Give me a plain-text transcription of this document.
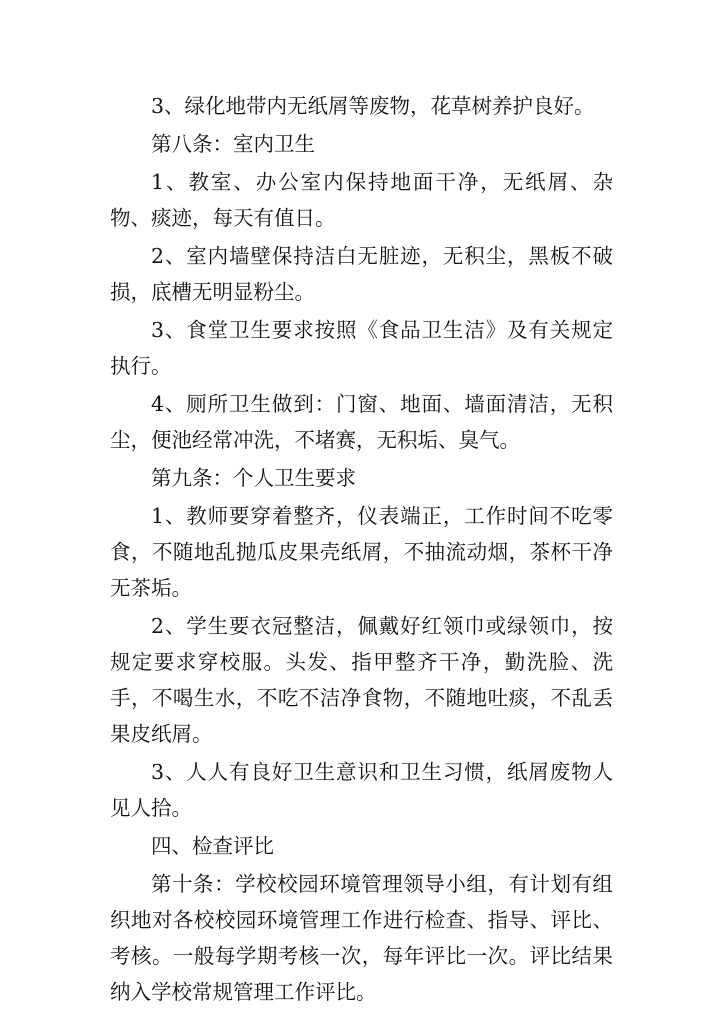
3、绿化地带内无纸屑等废物，花草树养护良好。

第八条：室内卫生

1、教室、办公室内保持地面干净，无纸屑、杂物、痰迹，每天有值日。

2、室内墙壁保持洁白无脏迹，无积尘，黑板不破损，底槽无明显粉尘。

3、食堂卫生要求按照《食品卫生洁》及有关规定执行。

4、厕所卫生做到：门窗、地面、墙面清洁，无积尘，便池经常冲洗，不堵赛，无积垢、臭气。

第九条：个人卫生要求

1、教师要穿着整齐，仪表端正，工作时间不吃零食，不随地乱抛瓜皮果壳纸屑，不抽流动烟，茶杯干净无茶垢。

2、学生要衣冠整洁，佩戴好红领巾或绿领巾，按规定要求穿校服。头发、指甲整齐干净，勤洗脸、洗手，不喝生水，不吃不洁净食物，不随地吐痰，不乱丢果皮纸屑。

3、人人有良好卫生意识和卫生习惯，纸屑废物人见人拾。

四、检查评比

第十条：学校校园环境管理领导小组，有计划有组织地对各校校园环境管理工作进行检查、指导、评比、考核。一般每学期考核一次，每年评比一次。评比结果纳入学校常规管理工作评比。
